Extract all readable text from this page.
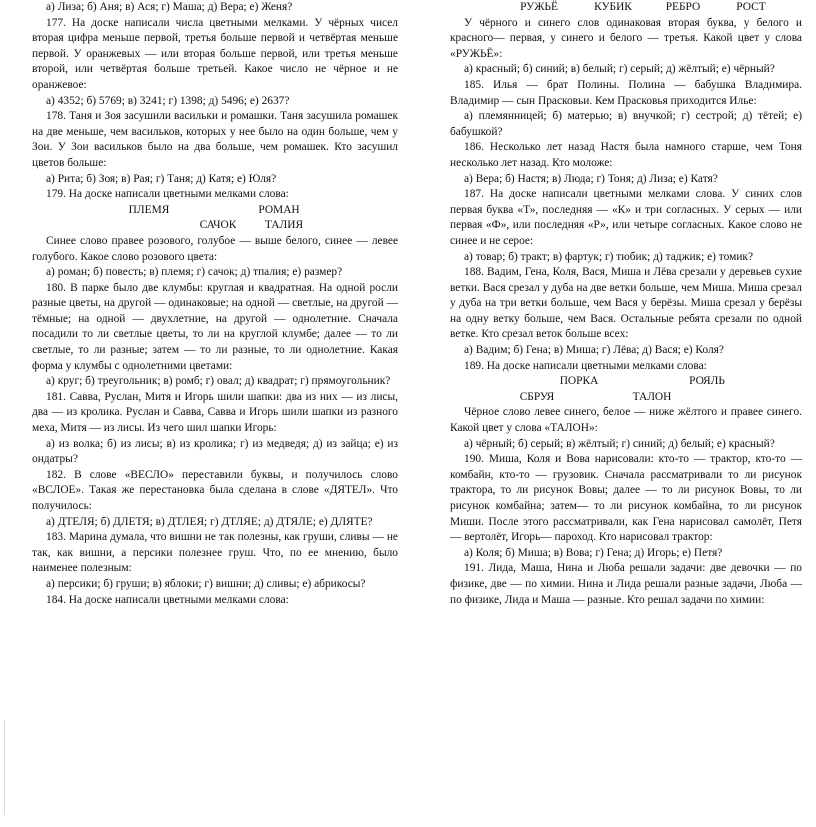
а) Лиза; б) Аня; в) Ася; г) Маша; д) Вера; е) Женя?

177. На доске написали числа цветными мелками. У чёрных чисел вторая цифра меньше первой, третья больше первой и четвёртая меньше первой. У оранжевых — или вторая больше первой, или третья меньше второй, или четвёртая больше третьей. Какое число не чёрное и не оранжевое:

а) 4352; б) 5769; в) 3241; г) 1398; д) 5496; е) 2637?

178. Таня и Зоя засушили васильки и ромашки. Таня засушила ромашек на две меньше, чем васильков, которых у нее было на один больше, чем у Зои. У Зои васильков было на два больше, чем ромашек. Кто засушил цветов больше:

а) Рита; б) Зоя; в) Рая; г) Таня; д) Катя; е) Юля?

179. На доске написали цветными мелками слова:

ПЛЕМЯ	РОМАН
САЧОК	ТАЛИЯ

Синее слово правее розового, голубое — выше белого, синее — левее голубого. Какое слово розового цвета:

а) роман; б) повесть; в) племя; г) сачок; д) тпалия; е) размер?

180. В парке было две клумбы: круглая и квадратная. На одной росли разные цветы, на другой — одинаковые; на одной — светлые, на другой — тёмные; на одной — двухлетние, на другой — однолетние. Сначала посадили то ли светлые цветы, то ли на круглой клумбе; далее — то ли светлые, то ли разные; затем — то ли разные, то ли однолетние. Какая форма у клумбы с однолетними цветами:

а) круг; б) треугольник; в) ромб; г) овал; д) квадрат; г) прямоугольник?

181. Савва, Руслан, Митя и Игорь шили шапки: два из них — из лисы, два — из кролика. Руслан и Савва, Савва и Игорь шили шапки из разного меха, Митя — из лисы. Из чего шил шапки Игорь:

а) из волка; б) из лисы; в) из кролика; г) из медведя; д) из зайца; е) из ондатры?

182. В слове «ВЕСЛО» переставили буквы, и получилось слово «ВСЛОЕ». Такая же перестановка была сделана в слове «ДЯТЕЛ». Что получилось:

а) ДТЕЛЯ; б) ДЛЕТЯ; в) ДТЛЕЯ; г) ДТЛЯЕ; д) ДТЯЛЕ; е) ДЛЯТЕ?

183. Марина думала, что вишни не так полезны, как груши, сливы — не так, как вишни, а персики полезнее груш. Что, по ее мнению, было наименее полезным:

а) персики; б) груши; в) яблоки; г) вишни; д) сливы; е) абрикосы?

184. На доске написали цветными мелками слова:

РУЖЬЁ	КУБИК	РЕБРО	РОСТ

У чёрного и синего слов одинаковая вторая буква, у белого и красного— первая, у синего и белого — третья. Какой цвет у слова «РУЖЬЁ»:

а) красный; б) синий; в) белый; г) серый; д) жёлтый; е) чёрный?

185. Илья — брат Полины. Полина — бабушка Владимира. Владимир — сын Прасковьи. Кем Прасковья приходится Илье:

а) племянницей; б) матерью; в) внучкой; г) сестрой; д) тётей; е) бабушкой?

186. Несколько лет назад Настя была намного старше, чем Тоня несколько лет назад. Кто моложе:

а) Вера; б) Настя; в) Люда; г) Тоня; д) Лиза; е) Катя?

187. На доске написали цветными мелками слова. У синих слов первая буква «Т», последняя — «К» и три согласных. У серых — или первая «Ф», или последняя «Р», или четыре согласных. Какое слово не синее и не серое:

а) товар; б) тракт; в) фартук; г) тюбик; д) таджик; е) томик?

188. Вадим, Гена, Коля, Вася, Миша и Лёва срезали у деревьев сухие ветки. Вася срезал у дуба на две ветки больше, чем Миша. Миша срезал у дуба на три ветки больше, чем Вася у берёзы. Миша срезал у берёзы на одну ветку больше, чем Вася. Остальные ребята срезали по одной ветке. Кто срезал веток больше всех:

а) Вадим; б) Гена; в) Миша; г) Лёва; д) Вася; е) Коля?

189. На доске написали цветными мелками слова:

ПОРКА	РОЯЛЬ
СБРУЯ	ТАЛОН

Чёрное слово левее синего, белое — ниже жёлтого и правее синего. Какой цвет у слова «ТАЛОН»:

а) чёрный; б) серый; в) жёлтый; г) синий; д) белый; е) красный?

190. Миша, Коля и Вова нарисовали: кто-то — трактор, кто-то — комбайн, кто-то — грузовик. Сначала рассматривали то ли рисунок трактора, то ли рисунок Вовы; далее — то ли рисунок Вовы, то ли рисунок комбайна; затем— то ли рисунок комбайна, то ли рисунок Миши. После этого рассматривали, как Гена нарисовал самолёт, Петя — вертолёт, Игорь— пароход. Кто нарисовал трактор:

а) Коля; б) Миша; в) Вова; г) Гена; д) Игорь; е) Петя?

191. Лида, Маша, Нина и Люба решали задачи: две девочки — по физике, две — по химии. Нина и Лида решали разные задачи, Люба — по физике, Лида и Маша — разные. Кто решал задачи по химии:
